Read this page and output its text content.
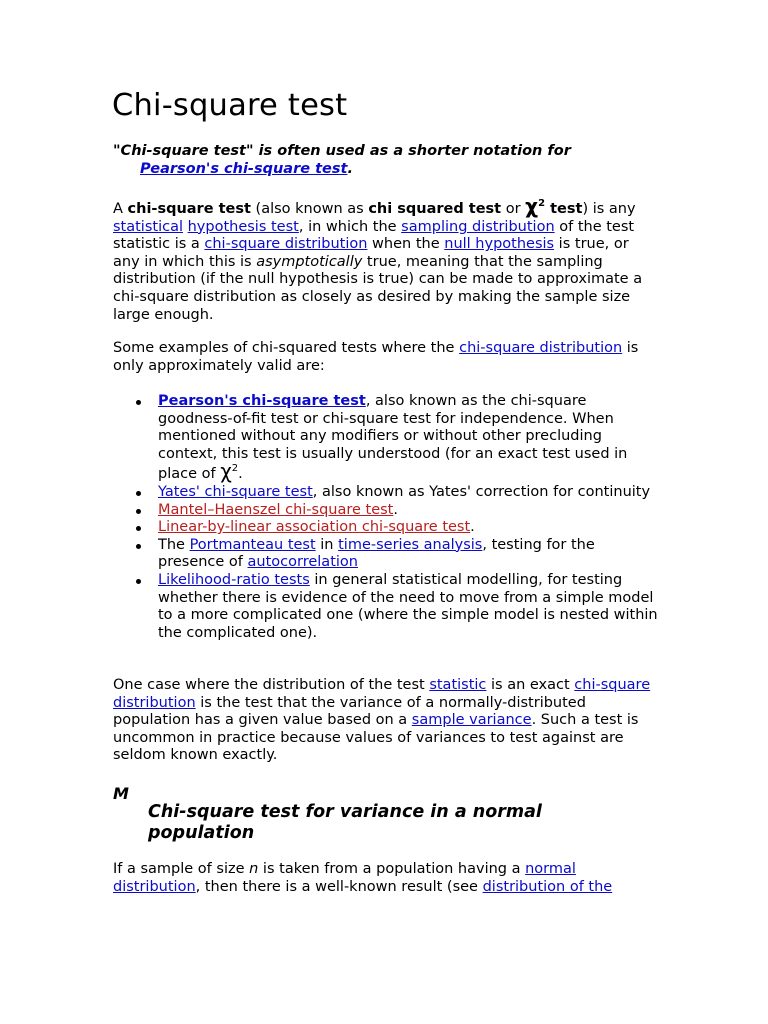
Chi-square test

"Chi-square test" is often used as a shorter notation for
Pearson's chi-square test.

A chi-square test (also known as chi squared test or $\chi^2$ test) is any statistical hypothesis test, in which the sampling distribution of the test statistic is a chi-square distribution when the null hypothesis is true, or any in which this is asymptotically true, meaning that the sampling distribution (if the null hypothesis is true) can be made to approximate a chi-square distribution as closely as desired by making the sample size large enough.

Some examples of chi-squared tests where the chi-square distribution is only approximately valid are:

Pearson's chi-square test, also known as the chi-square goodness-of-fit test or chi-square test for independence. When mentioned without any modifiers or without other precluding context, this test is usually understood (for an exact test used in place of $\chi^2$.
Yates' chi-square test, also known as Yates' correction for continuity
Mantel–Haenszel chi-square test.
Linear-by-linear association chi-square test.
The Portmanteau test in time-series analysis, testing for the presence of autocorrelation
Likelihood-ratio tests in general statistical modelling, for testing whether there is evidence of the need to move from a simple model to a more complicated one (where the simple model is nested within the complicated one).

One case where the distribution of the test statistic is an exact chi-square distribution is the test that the variance of a normally-distributed population has a given value based on a sample variance. Such a test is uncommon in practice because values of variances to test against are seldom known exactly.

M
Chi-square test for variance in a normal population

If a sample of size n is taken from a population having a normal distribution, then there is a well-known result (see distribution of the
